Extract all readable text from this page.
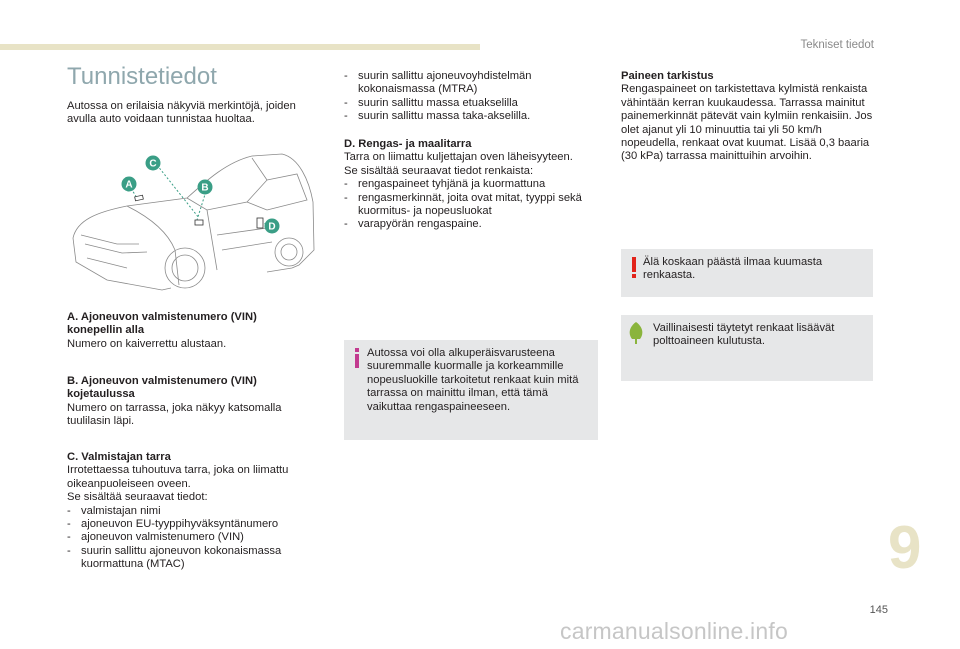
Tekniset tiedot
Tunnistetiedot

Autossa on erilaisia näkyviä merkintöjä, joiden avulla auto voidaan tunnistaa huoltaa.

A	B
C
D

A. Ajoneuvon valmistenumero (VIN)

konepellin alla

Numero on kaiverrettu alustaan.

B. Ajoneuvon valmistenumero (VIN)

kojetaulussa

Numero on tarrassa, joka näkyy katsomalla tuulilasin läpi.

C. Valmistajan tarra

Irrotettaessa tuhoutuva tarra, joka on liimattu oikeanpuoleiseen oveen.

Se sisältää seuraavat tiedot:

- valmistajan nimi
- ajoneuvon EU-tyyppihyväksyntänumero
- ajoneuvon valmistenumero (VIN)
- suurin sallittu ajoneuvon kokonaismassa kuormattuna (MTAC)
- suurin sallittu ajoneuvoyhdistelmän kokonaismassa (MTRA)
- suurin sallittu massa etuakselilla
- suurin sallittu massa taka-akselilla.

D. Rengas- ja maalitarra

Tarra on liimattu kuljettajan oven läheisyyteen.

Se sisältää seuraavat tiedot renkaista:

- rengaspaineet tyhjänä ja kuormattuna
- rengasmerkinnät, joita ovat mitat, tyyppi sekä kuormitus- ja nopeusluokat
- varapyörän rengaspaine.

Autossa voi olla alkuperäisvarusteena suuremmalle kuormalle ja korkeammille nopeusluokille tarkoitetut renkaat kuin mitä tarrassa on mainittu ilman, että tämä vaikuttaa rengaspaineeseen.

Paineen tarkistus

Rengaspaineet on tarkistettava kylmistä renkaista vähintään kerran kuukaudessa. Tarrassa mainitut painemerkinnät pätevät vain kylmiin renkaisiin. Jos olet ajanut yli 10 minuuttia tai yli 50 km/h nopeudella, renkaat ovat kuumat. Lisää 0,3 baaria (30 kPa) tarrassa mainittuihin arvoihin.

Älä koskaan päästä ilmaa kuumasta renkaasta.

Vaillinaisesti täytetyt renkaat lisäävät polttoaineen kulutusta.

9
145
carmanualsonline.info
